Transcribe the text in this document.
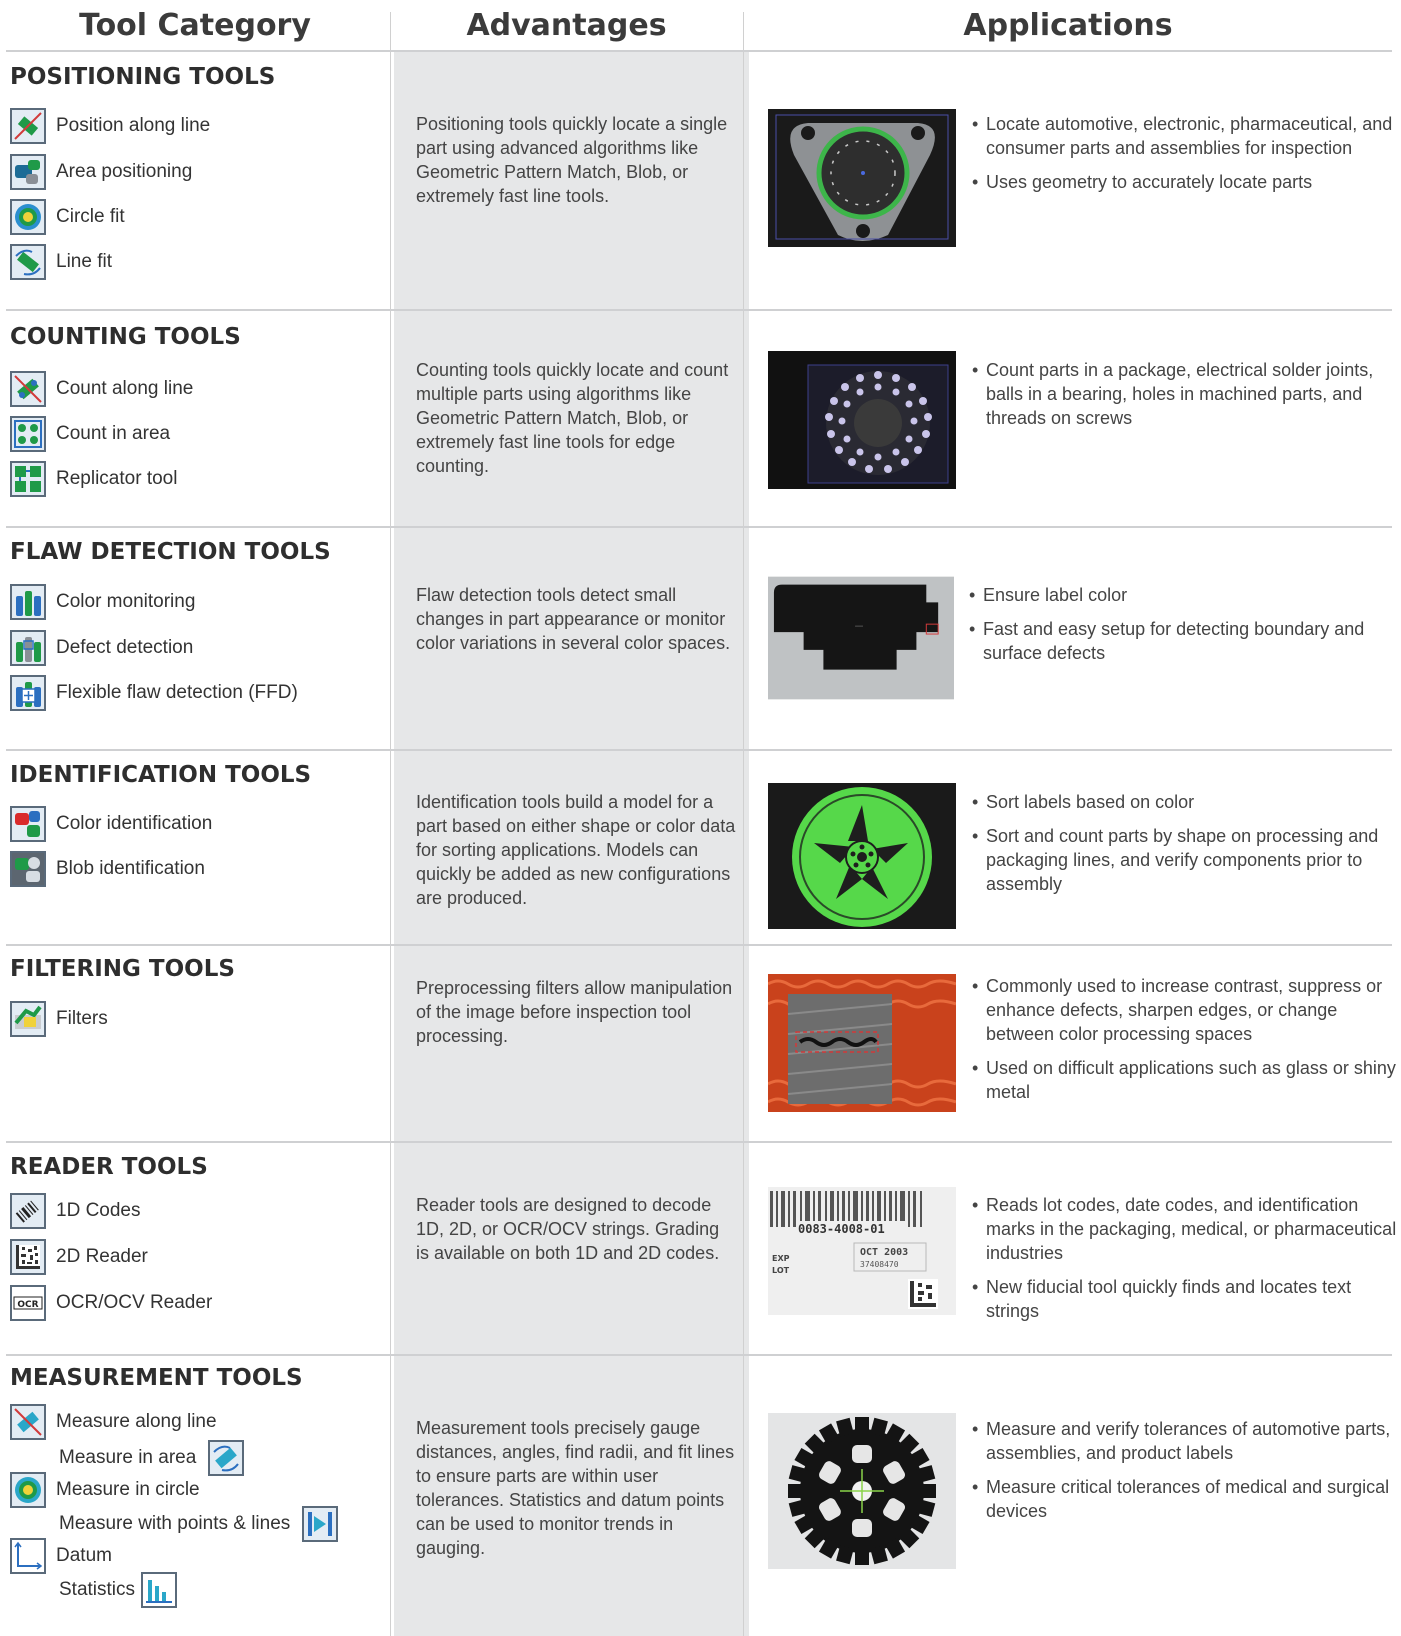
Tool Category	Advantages	Applications
POSITIONING TOOLS
Position along line
Area positioning
Circle fit
Line fit
Positioning tools quickly locate a single part using advanced algorithms like Geometric Pattern Match, Blob, or extremely fast line tools.
• Locate automotive, electronic, pharmaceutical, and consumer parts and assemblies for inspection
• Uses geometry to accurately locate parts
COUNTING TOOLS
Count along line
Count in area
Replicator tool
Counting tools quickly locate and count multiple parts using algorithms like Geometric Pattern Match, Blob, or extremely fast line tools for edge counting.
• Count parts in a package, electrical solder joints, balls in a bearing, holes in machined parts, and threads on screws
FLAW DETECTION TOOLS
Color monitoring
Defect detection
Flexible flaw detection (FFD)
Flaw detection tools detect small changes in part appearance or monitor color variations in several color spaces.
• Ensure label color
• Fast and easy setup for detecting boundary and surface defects
IDENTIFICATION TOOLS
Color identification
Blob identification
Identification tools build a model for a part based on either shape or color data for sorting applications. Models can quickly be added as new configurations are produced.
• Sort labels based on color
• Sort and count parts by shape on processing and packaging lines, and verify components prior to assembly
FILTERING TOOLS
Filters
Preprocessing filters allow manipulation of the image before inspection tool processing.
• Commonly used to increase contrast, suppress or enhance defects, sharpen edges, or change between color processing spaces
• Used on difficult applications such as glass or shiny metal
READER TOOLS
1D Codes
2D Reader
OCR OCR/OCV Reader
Reader tools are designed to decode 1D, 2D, or OCR/OCV strings. Grading is available on both 1D and 2D codes.
0083-4008-01
EXP
LOT
OCT 2003
37408470
• Reads lot codes, date codes, and identification marks in the packaging, medical, or pharmaceutical industries
• New fiducial tool quickly finds and locates text strings
MEASUREMENT TOOLS
Measure along line
Measure in area
Measure in circle
Measure with points & lines
Datum
Statistics
Measurement tools precisely gauge distances, angles, find radii, and fit lines to ensure parts are within user tolerances. Statistics and datum points can be used to monitor trends in gauging.
• Measure and verify tolerances of automotive parts, assemblies, and product labels
• Measure critical tolerances of medical and surgical devices
